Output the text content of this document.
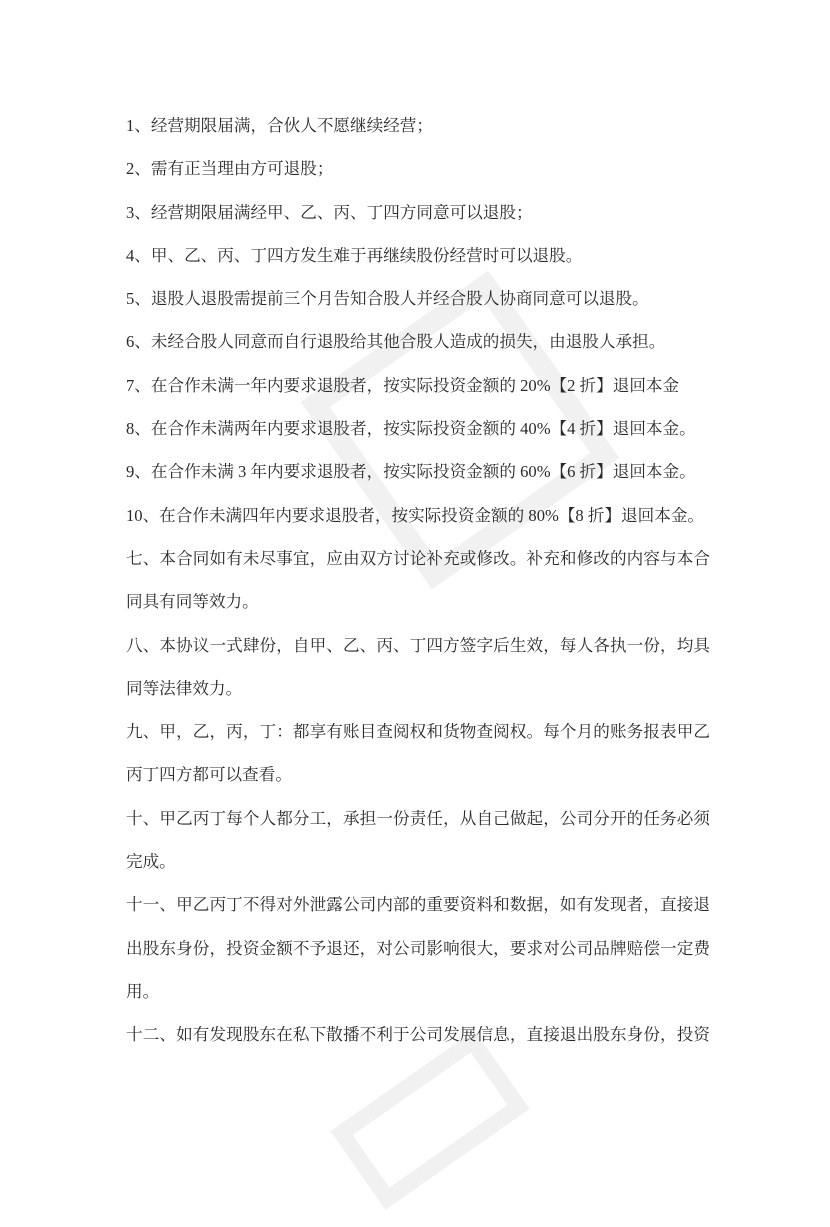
1、经营期限届满，合伙人不愿继续经营；
2、需有正当理由方可退股；
3、经营期限届满经甲、乙、丙、丁四方同意可以退股；
4、甲、乙、丙、丁四方发生难于再继续股份经营时可以退股。
5、退股人退股需提前三个月告知合股人并经合股人协商同意可以退股。
6、未经合股人同意而自行退股给其他合股人造成的损失，由退股人承担。
7、在合作未满一年内要求退股者，按实际投资金额的 20%【2 折】退回本金
8、在合作未满两年内要求退股者，按实际投资金额的 40%【4 折】退回本金。
9、在合作未满 3 年内要求退股者，按实际投资金额的 60%【6 折】退回本金。
10、在合作未满四年内要求退股者，按实际投资金额的 80%【8 折】退回本金。
七、本合同如有未尽事宜，应由双方讨论补充或修改。补充和修改的内容与本合
同具有同等效力。
八、本协议一式肆份，自甲、乙、丙、丁四方签字后生效，每人各执一份，均具
同等法律效力。
九、甲，乙，丙，丁：都享有账目查阅权和货物查阅权。每个月的账务报表甲乙
丙丁四方都可以查看。
十、甲乙丙丁每个人都分工，承担一份责任，从自己做起，公司分开的任务必须
完成。
十一、甲乙丙丁不得对外泄露公司内部的重要资料和数据，如有发现者，直接退
出股东身份，投资金额不予退还，对公司影响很大，要求对公司品牌赔偿一定费
用。
十二、如有发现股东在私下散播不利于公司发展信息，直接退出股东身份，投资
